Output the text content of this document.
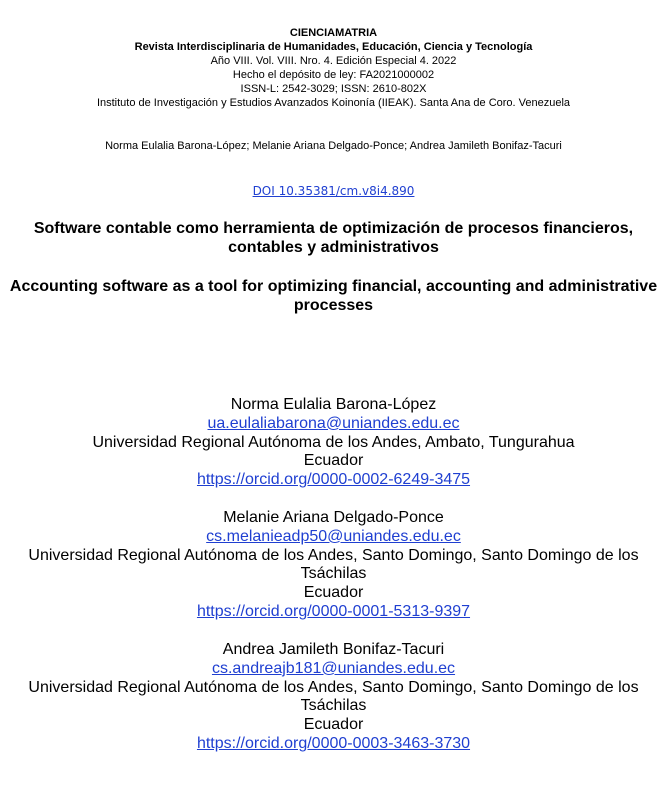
CIENCIAMATRIA
Revista Interdisciplinaria de Humanidades, Educación, Ciencia y Tecnología
Año VIII. Vol. VIII. Nro. 4. Edición Especial 4. 2022
Hecho el depósito de ley: FA2021000002
ISSN-L: 2542-3029; ISSN: 2610-802X
Instituto de Investigación y Estudios Avanzados Koinonía (IIEAK). Santa Ana de Coro. Venezuela
Norma Eulalia Barona-López; Melanie Ariana Delgado-Ponce; Andrea Jamileth Bonifaz-Tacuri
DOI 10.35381/cm.v8i4.890
Software contable como herramienta de optimización de procesos financieros, contables y administrativos
Accounting software as a tool for optimizing financial, accounting and administrative processes
Norma Eulalia Barona-López
ua.eulaliabarona@uniandes.edu.ec
Universidad Regional Autónoma de los Andes, Ambato, Tungurahua
Ecuador
https://orcid.org/0000-0002-6249-3475
Melanie Ariana Delgado-Ponce
cs.melanieadp50@uniandes.edu.ec
Universidad Regional Autónoma de los Andes, Santo Domingo, Santo Domingo de los Tsáchilas
Ecuador
https://orcid.org/0000-0001-5313-9397
Andrea Jamileth Bonifaz-Tacuri
cs.andreajb181@uniandes.edu.ec
Universidad Regional Autónoma de los Andes, Santo Domingo, Santo Domingo de los Tsáchilas
Ecuador
https://orcid.org/0000-0003-3463-3730
